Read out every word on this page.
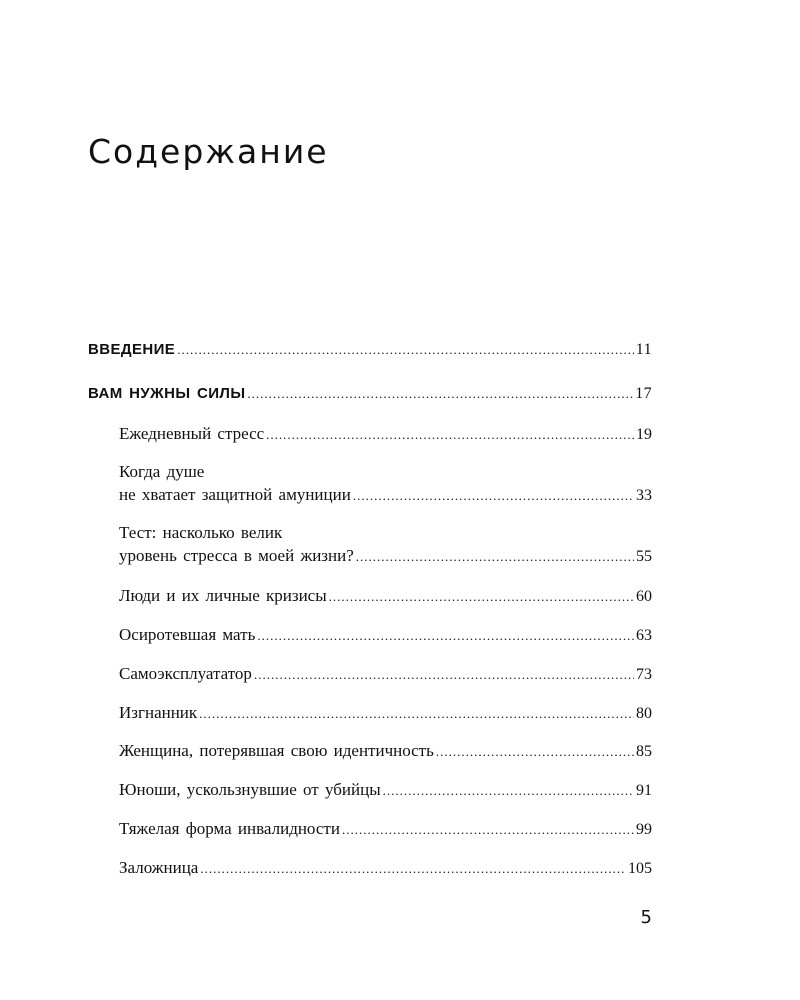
Содержание
ВВЕДЕНИЕ .....	11
ВАМ НУЖНЫ СИЛЫ .....	17
Ежедневный стресс .....	19
Когда душе
не хватает защитной амуниции .....	33
Тест: насколько велик
уровень стресса в моей жизни? .....	55
Люди и их личные кризисы .....	60
Осиротевшая мать .....	63
Самоэксплуататор .....	73
Изгнанник .....	80
Женщина, потерявшая свою идентичность .....	85
Юноши, ускользнувшие от убийцы .....	91
Тяжелая форма инвалидности .....	99
Заложница .....	105
5
